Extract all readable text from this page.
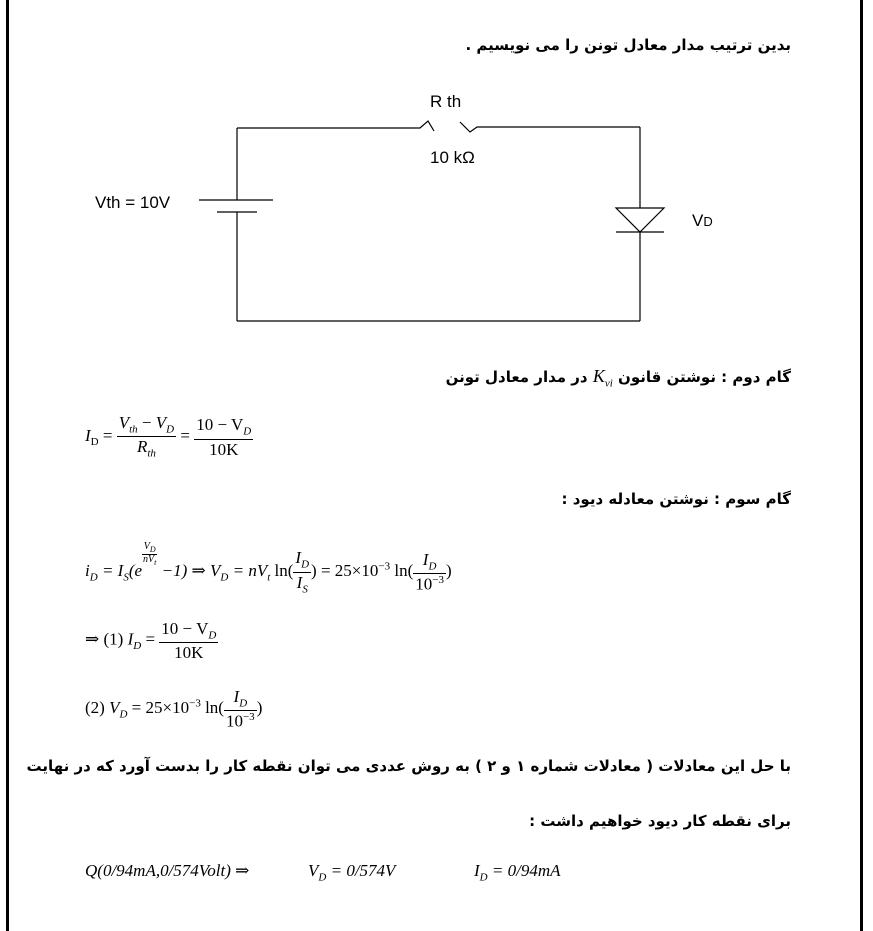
بدین ترتیب مدار معادل تونن را می نویسیم .
R th
10 kΩ
Vth = 10V
VD
گام دوم : نوشتن قانون $K_{vi}$ در مدار معادل تونن
$I_D = \frac{V_{th} - V_D}{R_{th}} = \frac{10 - V_D}{10K}$
گام سوم : نوشتن معادله دیود :
$i_D = I_S(e$
$\frac{V_D}{nV_t}$
−1) ⇒ $V_D = nV_t$ $\ln( \frac{I_D}{I_S}$ ) = $25\times 10^{-3}$ $\ln( \frac{I_D}{10^{-3}}$ )
⇒ (1) $I_D = \frac{10 - V_D}{10K}$
(2) $V_D = 25\times 10^{-3}$ $\ln( \frac{I_D}{10^{-3}}$ )
با حل این معادلات ( معادلات شماره ۱ و ۲ ) به روش عددی می توان نقطه کار را بدست آورد که در نهایت
برای نقطه کار دیود خواهیم داشت :
Q(0/94mA,0/574Volt) ⇒	$V_D = 0/574V$	$I_D = 0/94mA$
